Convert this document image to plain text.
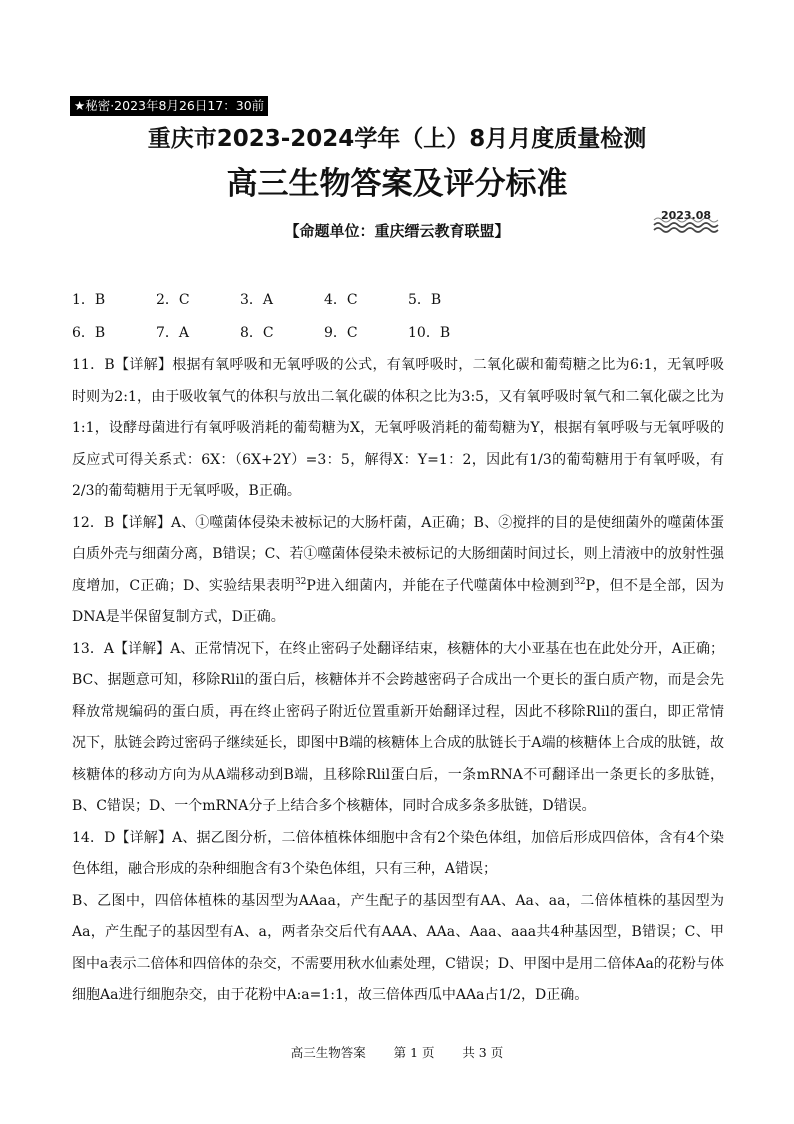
★秘密·2023年8月26日17：30前
重庆市2023-2024学年（上）8月月度质量检测
高三生物答案及评分标准
2023.08
【命题单位：重庆缙云教育联盟】
1．B	2．C	3．A	4．C	5．B
6．B	7．A	8．C	9．C	10．B

11．B【详解】根据有氧呼吸和无氧呼吸的公式，有氧呼吸时，二氧化碳和葡萄糖之比为6:1，无氧呼吸时则为2:1，由于吸收氧气的体积与放出二氧化碳的体积之比为3:5，又有氧呼吸时氧气和二氧化碳之比为1:1，设酵母菌进行有氧呼吸消耗的葡萄糖为X，无氧呼吸消耗的葡萄糖为Y，根据有氧呼吸与无氧呼吸的反应式可得关系式：6X：（6X+2Y）=3：5，解得X：Y=1：2，因此有1/3的葡萄糖用于有氧呼吸，有2/3的葡萄糖用于无氧呼吸，B正确。

12．B【详解】A、①噬菌体侵染未被标记的大肠杆菌，A正确；B、②搅拌的目的是使细菌外的噬菌体蛋白质外壳与细菌分离，B错误；C、若①噬菌体侵染未被标记的大肠细菌时间过长，则上清液中的放射性强度增加，C正确；D、实验结果表明$^{32}$P进入细菌内，并能在子代噬菌体中检测到$^{32}$P，但不是全部，因为DNA是半保留复制方式，D正确。

13．A【详解】A、正常情况下，在终止密码子处翻译结束，核糖体的大小亚基在也在此处分开，A正确；BC、据题意可知，移除Rlil的蛋白后，核糖体并不会跨越密码子合成出一个更长的蛋白质产物，而是会先释放常规编码的蛋白质，再在终止密码子附近位置重新开始翻译过程，因此不移除Rlil的蛋白，即正常情况下，肽链会跨过密码子继续延长，即图中B端的核糖体上合成的肽链长于A端的核糖体上合成的肽链，故核糖体的移动方向为从A端移动到B端，且移除Rlil蛋白后，一条mRNA不可翻译出一条更长的多肽链，B、C错误；D、一个mRNA分子上结合多个核糖体，同时合成多条多肽链，D错误。

14．D【详解】A、据乙图分析，二倍体植株体细胞中含有2个染色体组，加倍后形成四倍体，含有4个染色体组，融合形成的杂种细胞含有3个染色体组，只有三种，A错误；

B、乙图中，四倍体植株的基因型为AAaa，产生配子的基因型有AA、Aa、aa，二倍体植株的基因型为Aa，产生配子的基因型有A、a，两者杂交后代有AAA、AAa、Aaa、aaa共4种基因型，B错误；C、甲图中a表示二倍体和四倍体的杂交，不需要用秋水仙素处理，C错误；D、甲图中是用二倍体Aa的花粉与体细胞Aa进行细胞杂交，由于花粉中A:a=1:1，故三倍体西瓜中AAa占1/2，D正确。

高三生物答案 第 1 页 共 3 页
